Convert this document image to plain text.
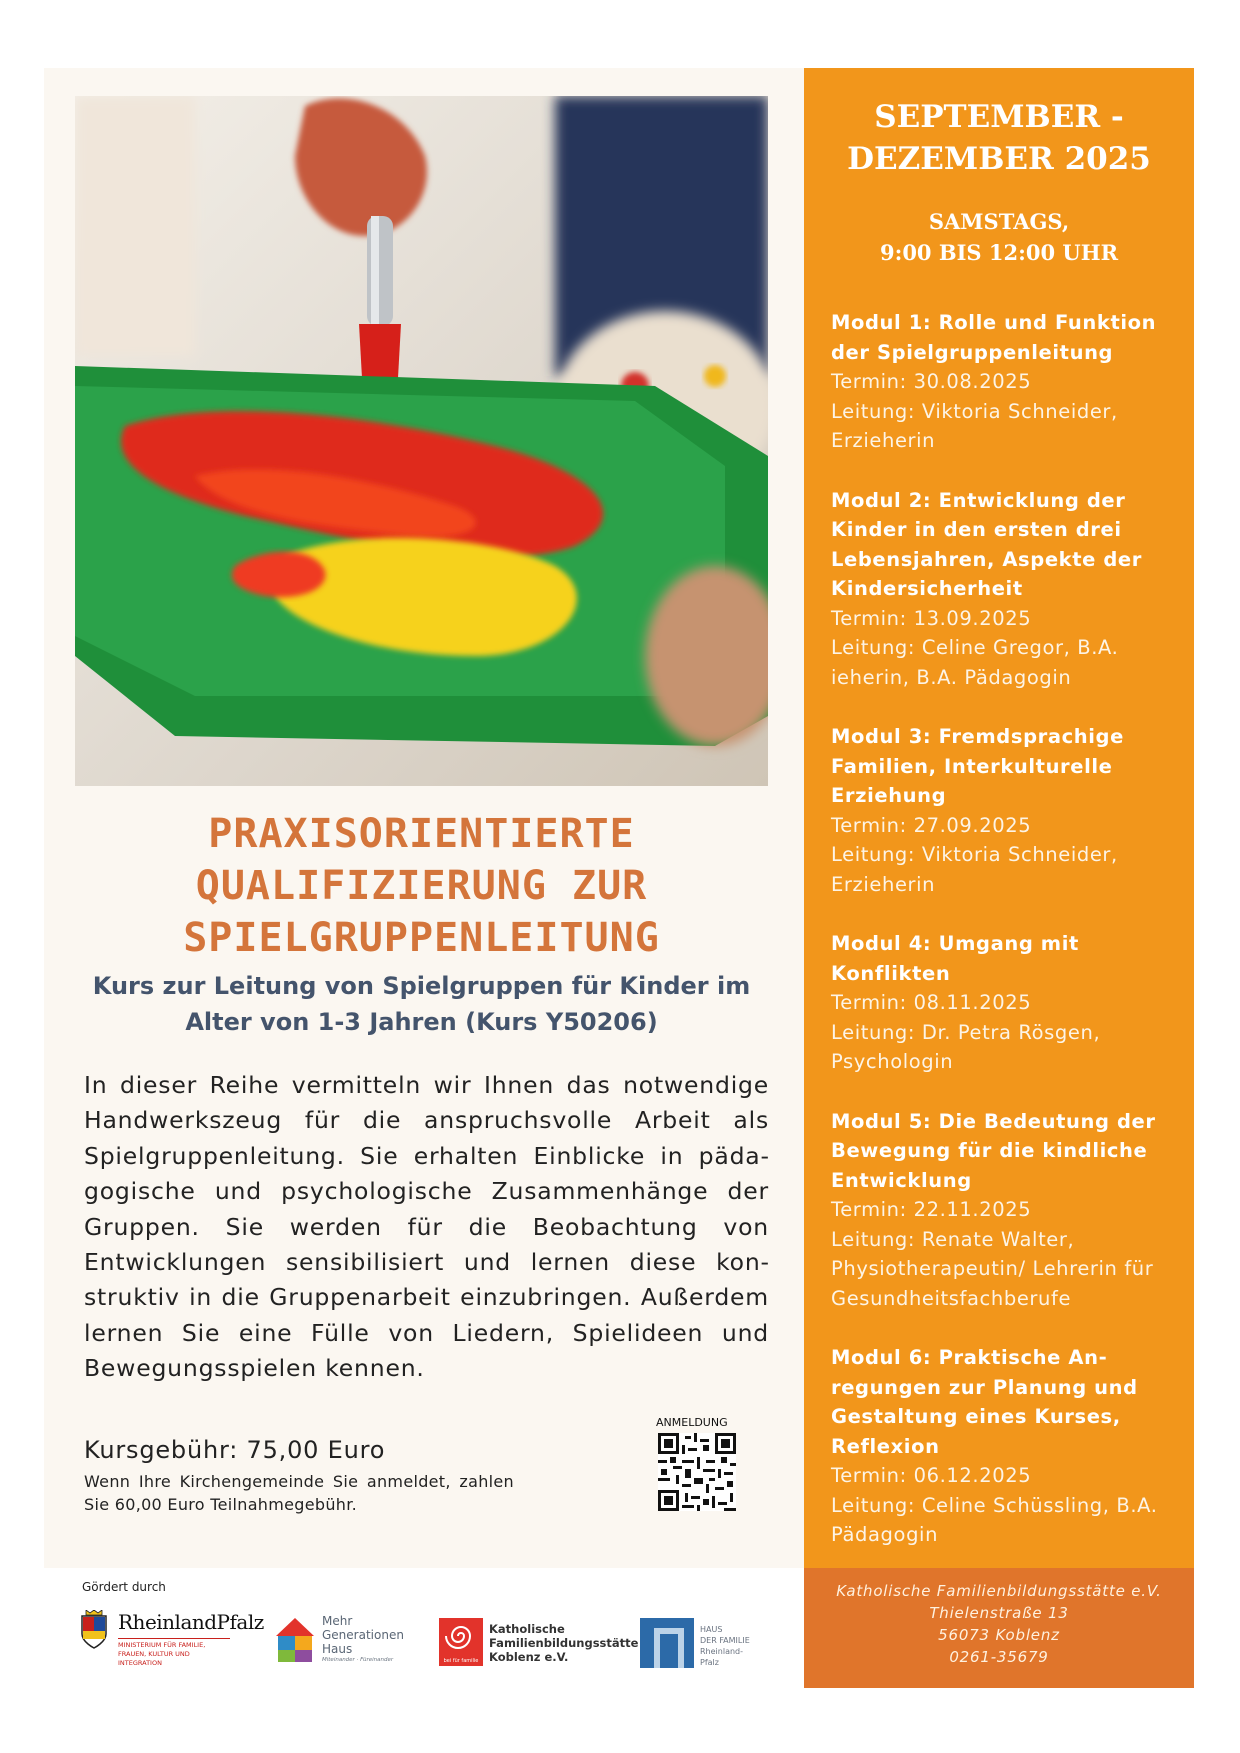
PRAXISORIENTIERTE
QUALIFIZIERUNG ZUR
SPIELGRUPPENLEITUNG
Kurs zur Leitung von Spielgruppen für Kinder im
Alter von 1-3 Jahren (Kurs Y50206)
In dieser Reihe vermitteln wir Ihnen das notwendige Handwerkszeug für die anspruchsvolle Arbeit als Spielgruppenleitung. Sie erhalten Einblicke in pädagogische und psychologische Zusammenhänge der Gruppen. Sie werden für die Beobachtung von Entwicklungen sensibilisiert und lernen diese konstruktiv in die Gruppenarbeit einzubringen. Außerdem lernen Sie eine Fülle von Liedern, Spielideen und Bewegungsspielen kennen.
Kursgebühr: 75,00 Euro
Wenn Ihre Kirchengemeinde Sie anmeldet, zahlen Sie 60,00 Euro Teilnahmegebühr.
ANMELDUNG
Gördert durch
RheinlandPfalz
MINISTERIUM FÜR FAMILIE, FRAUEN, KULTUR UND INTEGRATION
Mehr
Generationen
Haus
Miteinander · Füreinander	bei für familie
Katholische
Familienbildungsstätte
Koblenz e.V.
HAUS
DER FAMILIE
Rheinland-Pfalz
SEPTEMBER -
DEZEMBER 2025
SAMSTAGS,
9:00 BIS 12:00 UHR
Modul 1: Rolle und Funktion der Spielgruppenleitung
Termin: 30.08.2025
Leitung: Viktoria Schneider, Erzieherin
Modul 2: Entwicklung der Kinder in den ersten drei Lebensjahren, Aspekte der Kindersicherheit
Termin: 13.09.2025
Leitung: Celine Gregor, B.A. ieherin, B.A. Pädagogin
Modul 3: Fremdsprachige Familien, Interkulturelle Erziehung
Termin: 27.09.2025
Leitung: Viktoria Schneider, Erzieherin
Modul 4: Umgang mit Konflikten
Termin: 08.11.2025
Leitung: Dr. Petra Rösgen, Psychologin
Modul 5: Die Bedeutung der Bewegung für die kindliche Entwicklung
Termin: 22.11.2025
Leitung: Renate Walter, Physiotherapeutin/ Lehrerin für Gesundheitsfachberufe
Modul 6: Praktische Anregungen zur Planung und Gestaltung eines Kurses, Reflexion
Termin: 06.12.2025
Leitung: Celine Schüssling, B.A. Pädagogin
Katholische Familienbildungsstätte e.V.
Thielenstraße 13
56073 Koblenz
0261-35679
